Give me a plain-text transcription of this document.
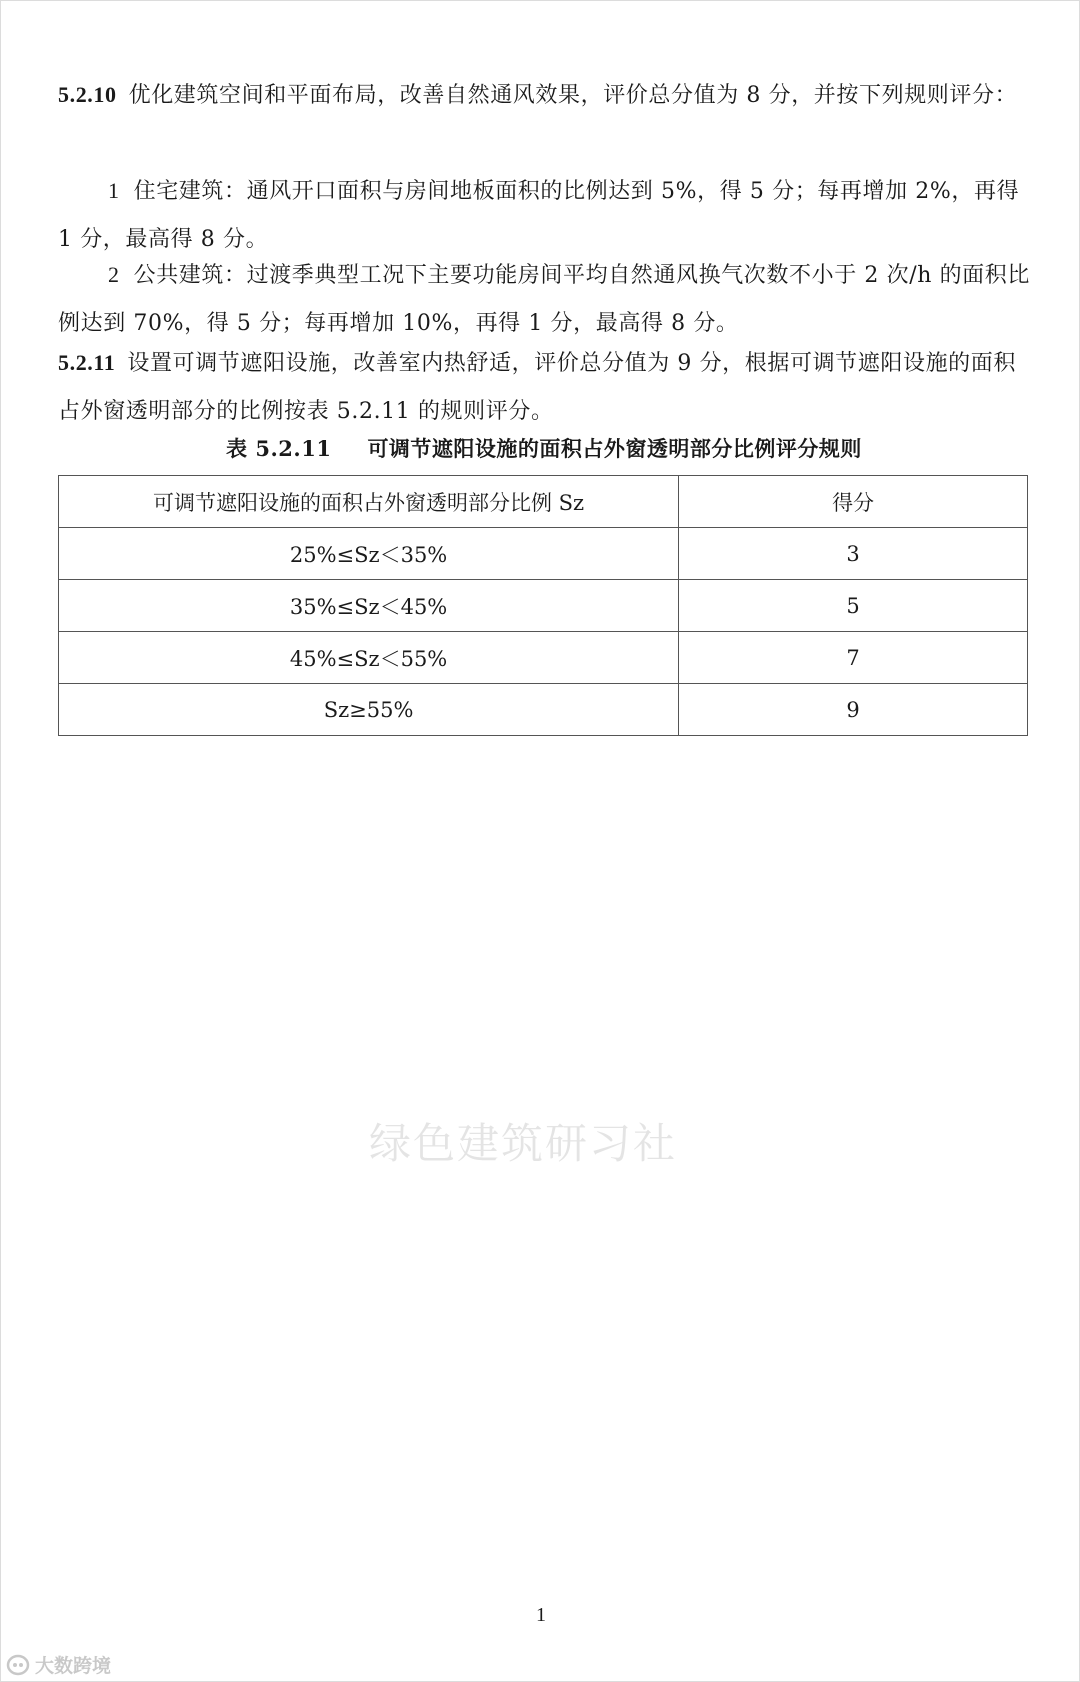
5.2.10 优化建筑空间和平面布局，改善自然通风效果，评价总分值为 8 分，并按下列规则评分：

1 住宅建筑：通风开口面积与房间地板面积的比例达到 5%，得 5 分；每再增加 2%，再得 1 分，最高得 8 分。

2 公共建筑：过渡季典型工况下主要功能房间平均自然通风换气次数不小于 2 次/h 的面积比例达到 70%，得 5 分；每再增加 10%，再得 1 分，最高得 8 分。

5.2.11 设置可调节遮阳设施，改善室内热舒适，评价总分值为 9 分，根据可调节遮阳设施的面积占外窗透明部分的比例按表 5.2.11 的规则评分。

表 5.2.11 可调节遮阳设施的面积占外窗透明部分比例评分规则
可调节遮阳设施的面积占外窗透明部分比例 Sz	得分
25%≤Sz＜35%	3
35%≤Sz＜45%	5
45%≤Sz＜55%	7
Sz≥55%	9
绿色建筑研习社
1
大数跨境
